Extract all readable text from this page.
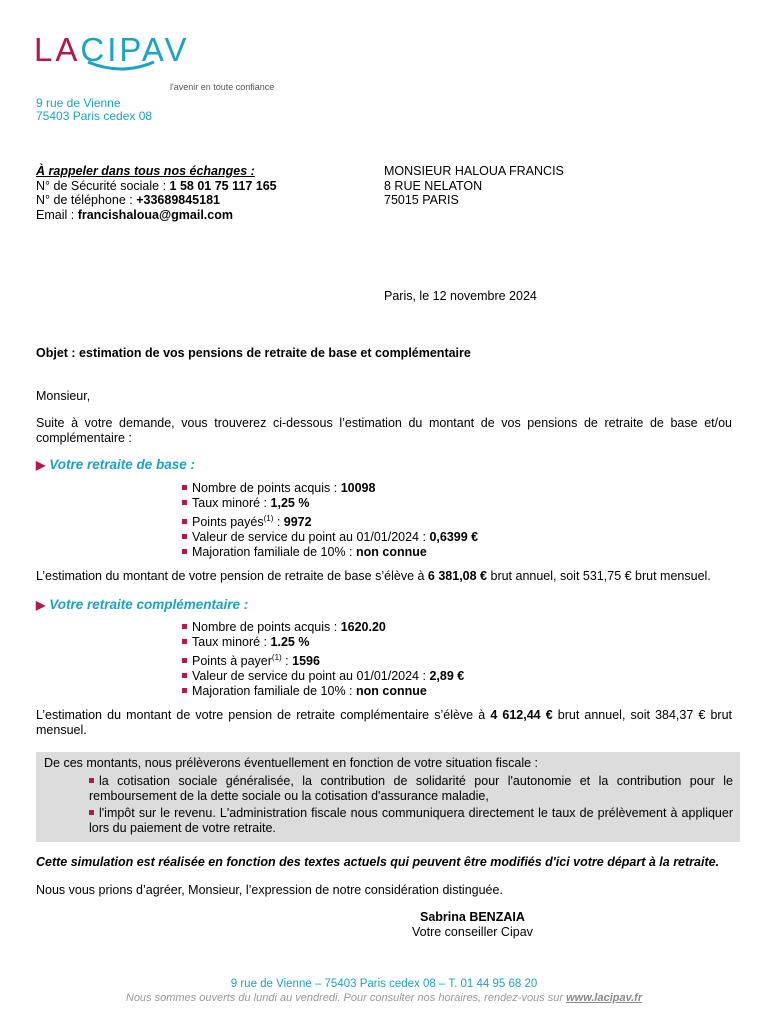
LACIPAV
l'avenir en toute confiance
9 rue de Vienne
75403 Paris cedex 08
À rappeler dans tous nos échanges :
N° de Sécurité sociale : 1 58 01 75 117 165
N° de téléphone : +33689845181
Email : francishaloua@gmail.com
MONSIEUR HALOUA FRANCIS
8 RUE NELATON
75015 PARIS
Paris, le 12 novembre 2024
Objet : estimation de vos pensions de retraite de base et complémentaire
Monsieur,
Suite à votre demande, vous trouverez ci-dessous l’estimation du montant de vos pensions de retraite de base et/ou complémentaire :
▶ Votre retraite de base :
Nombre de points acquis : 10098
Taux minoré : 1,25 %
Points payés$^{(1)}$ : 9972
Valeur de service du point au 01/01/2024 : 0,6399 €
Majoration familiale de 10% : non connue
L’estimation du montant de votre pension de retraite de base s’élève à 6 381,08 € brut annuel, soit 531,75 € brut mensuel.
▶ Votre retraite complémentaire :
Nombre de points acquis : 1620.20
Taux minoré : 1.25 %
Points à payer$^{(1)}$ : 1596
Valeur de service du point au 01/01/2024 : 2,89 €
Majoration familiale de 10% : non connue
L’estimation du montant de votre pension de retraite complémentaire s’élève à 4 612,44 € brut annuel, soit 384,37 € brut mensuel.
De ces montants, nous prélèverons éventuellement en fonction de votre situation fiscale :
la cotisation sociale généralisée, la contribution de solidarité pour l'autonomie et la contribution pour le remboursement de la dette sociale ou la cotisation d'assurance maladie,
l'impôt sur le revenu. L'administration fiscale nous communiquera directement le taux de prélèvement à appliquer lors du paiement de votre retraite.
Cette simulation est réalisée en fonction des textes actuels qui peuvent être modifiés d'ici votre départ à la retraite.
Nous vous prions d’agréer, Monsieur, l’expression de notre considération distinguée.
Sabrina BENZAIA
Votre conseiller Cipav
9 rue de Vienne – 75403 Paris cedex 08 – T. 01 44 95 68 20
Nous sommes ouverts du lundi au vendredi. Pour consulter nos horaires, rendez-vous sur www.lacipav.fr
